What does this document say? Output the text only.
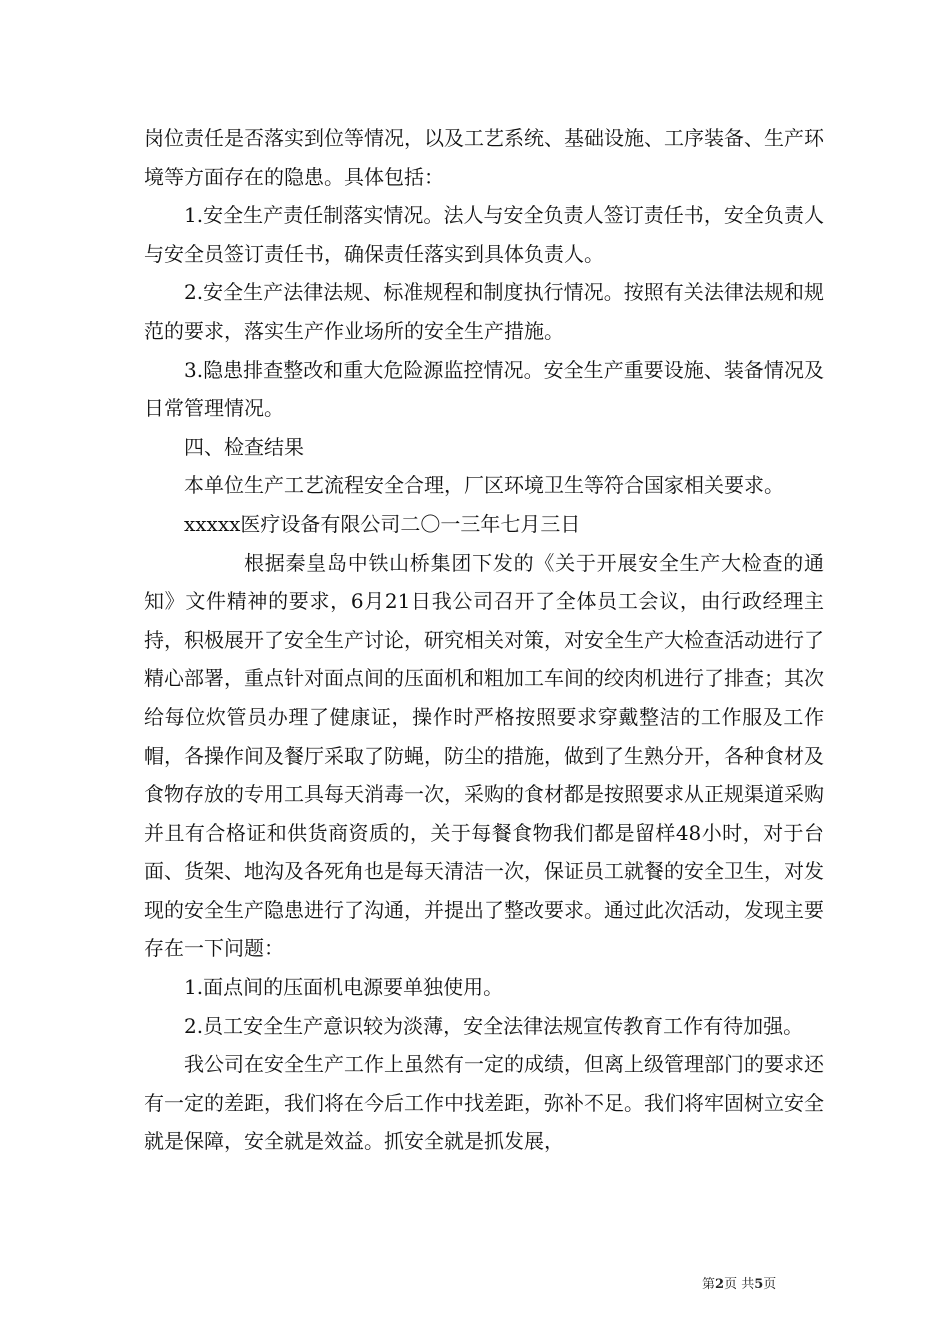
岗位责任是否落实到位等情况，以及工艺系统、基础设施、工序装备、生产环境等方面存在的隐患。具体包括：

1.安全生产责任制落实情况。法人与安全负责人签订责任书，安全负责人与安全员签订责任书，确保责任落实到具体负责人。

2.安全生产法律法规、标准规程和制度执行情况。按照有关法律法规和规范的要求，落实生产作业场所的安全生产措施。

3.隐患排查整改和重大危险源监控情况。安全生产重要设施、装备情况及日常管理情况。

四、检查结果

本单位生产工艺流程安全合理，厂区环境卫生等符合国家相关要求。

xxxxx医疗设备有限公司二〇一三年七月三日

根据秦皇岛中铁山桥集团下发的《关于开展安全生产大检查的通知》文件精神的要求，6月21日我公司召开了全体员工会议，由行政经理主持，积极展开了安全生产讨论，研究相关对策，对安全生产大检查活动进行了精心部署，重点针对面点间的压面机和粗加工车间的绞肉机进行了排查；其次给每位炊管员办理了健康证，操作时严格按照要求穿戴整洁的工作服及工作帽，各操作间及餐厅采取了防蝇，防尘的措施，做到了生熟分开，各种食材及食物存放的专用工具每天消毒一次，采购的食材都是按照要求从正规渠道采购并且有合格证和供货商资质的，关于每餐食物我们都是留样48小时，对于台面、货架、地沟及各死角也是每天清洁一次，保证员工就餐的安全卫生，对发现的安全生产隐患进行了沟通，并提出了整改要求。通过此次活动，发现主要存在一下问题：

1.面点间的压面机电源要单独使用。

2.员工安全生产意识较为淡薄，安全法律法规宣传教育工作有待加强。

我公司在安全生产工作上虽然有一定的成绩，但离上级管理部门的要求还有一定的差距，我们将在今后工作中找差距，弥补不足。我们将牢固树立安全就是保障，安全就是效益。抓安全就是抓发展，

第2页 共5页
